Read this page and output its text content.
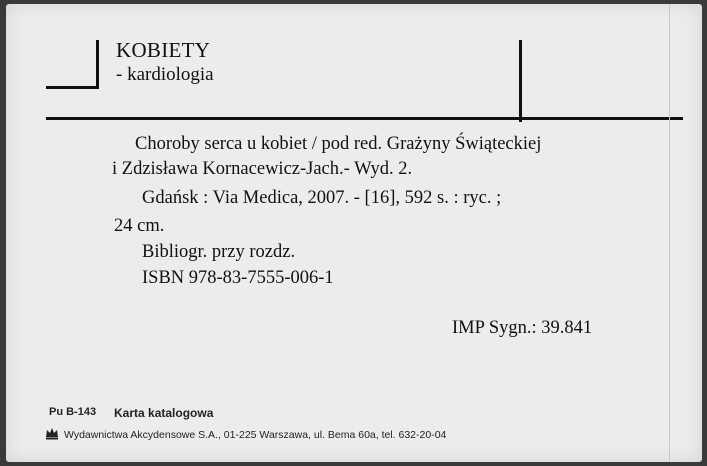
KOBIETY
- kardiologia
Choroby serca u kobiet / pod red. Grażyny Świąteckiej
i Zdzisława Kornacewicz-Jach.- Wyd. 2.
Gdańsk : Via Medica, 2007. - [16], 592 s. : ryc. ;
24 cm.
Bibliogr. przy rozdz.
ISBN 978-83-7555-006-1
IMP Sygn.: 39.841
Pu B-143 Karta katalogowa
Wydawnictwa Akcydensowe S.A., 01-225 Warszawa, ul. Bema 60a, tel. 632-20-04
